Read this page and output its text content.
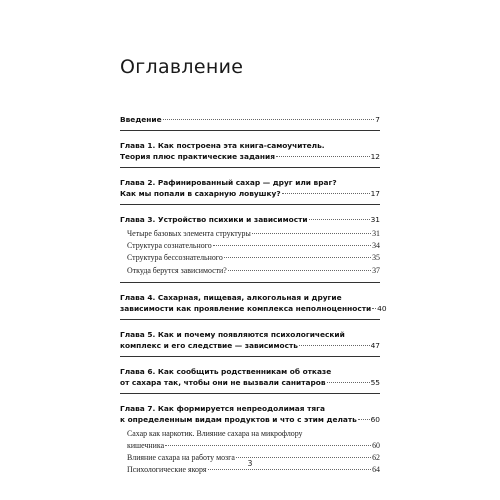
Оглавление
Введение	7
Глава 1. Как построена эта книга-самоучитель.
Теория плюс практические задания	12
Глава 2. Рафинированный сахар — друг или враг?
Как мы попали в сахарную ловушку?	17
Глава 3. Устройство психики и зависимости	31
Четыре базовых элемента структуры	31
Структура сознательного	34
Структура бессознательного	35
Откуда берутся зависимости?	37
Глава 4. Сахарная, пищевая, алкогольная и другие
зависимости как проявление комплекса неполноценности 40
Глава 5. Как и почему появляются психологический
комплекс и его следствие — зависимость	47
Глава 6. Как сообщить родственникам об отказе
от сахара так, чтобы они не вызвали санитаров	55
Глава 7. Как формируется непреодолимая тяга
к определенным видам продуктов и что с этим делать 60
Сахар как наркотик. Влияние сахара на микрофлору
кишечника	60
Влияние сахара на работу мозга	62
Психологические якоря	64
3
